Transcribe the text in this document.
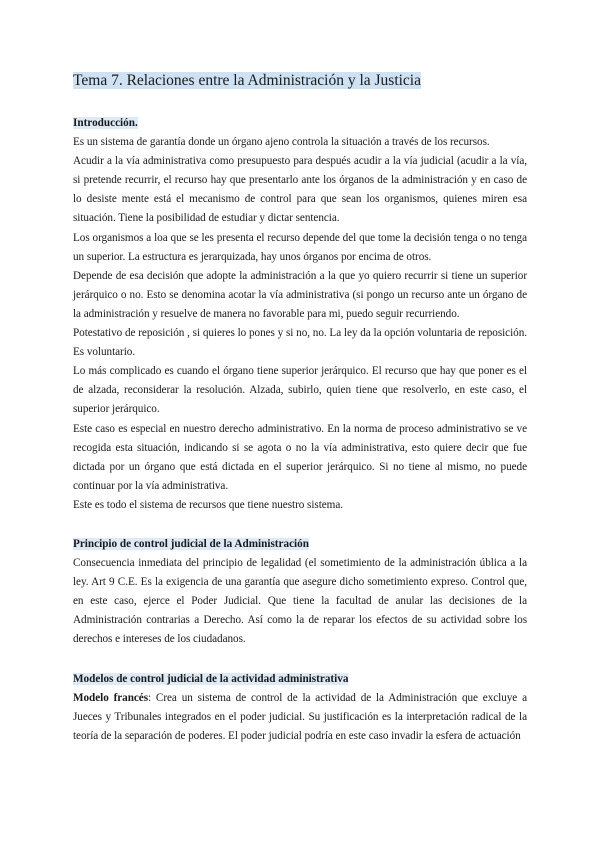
Tema 7. Relaciones entre la Administración y la Justicia
Introducción.

Es un sistema de garantía donde un órgano ajeno controla la situación a través de los recursos.

Acudir a la vía administrativa como presupuesto para después acudir a la vía judicial (acudir a la vía, si pretende recurrir, el recurso hay que presentarlo ante los órganos de la administración y en caso de lo desiste mente está el mecanismo de control para que sean los organismos, quienes miren esa situación. Tiene la posibilidad de estudiar y dictar sentencia.

Los organismos a loa que se les presenta el recurso depende del que tome la decisión tenga o no tenga un superior. La estructura es jerarquizada, hay unos órganos por encima de otros.

Depende de esa decisión que adopte la administración a la que yo quiero recurrir si tiene un superior jerárquico o no. Esto se denomina acotar la vía administrativa (si pongo un recurso ante un órgano de la administración y resuelve de manera no favorable para mi, puedo seguir recurriendo.

Potestativo de reposición , si quieres lo pones y si no, no. La ley da la opción voluntaria de reposición. Es voluntario.

Lo más complicado es cuando el órgano tiene superior jerárquico. El recurso que hay que poner es el de alzada, reconsiderar la resolución. Alzada, subirlo, quien tiene que resolverlo, en este caso, el superior jerárquico.

Este caso es especial en nuestro derecho administrativo. En la norma de proceso administrativo se ve recogida esta situación, indicando si se agota o no la vía administrativa, esto quiere decir que fue dictada por un órgano que está dictada en el superior jerárquico. Si no tiene al mismo, no puede continuar por la vía administrativa.

Este es todo el sistema de recursos que tiene nuestro sistema.

Principio de control judicial de la Administración

Consecuencia inmediata del principio de legalidad (el sometimiento de la administración ública a la ley. Art 9 C.E. Es la exigencia de una garantía que asegure dicho sometimiento expreso. Control que, en este caso, ejerce el Poder Judicial. Que tiene la facultad de anular las decisiones de la Administración contrarias a Derecho. Así como la de reparar los efectos de su actividad sobre los derechos e intereses de los ciudadanos.

Modelos de control judicial de la actividad administrativa

Modelo francés: Crea un sistema de control de la actividad de la Administración que excluye a Jueces y Tribunales integrados en el poder judicial. Su justificación es la interpretación radical de la teoría de la separación de poderes. El poder judicial podría en este caso invadir la esfera de actuación
